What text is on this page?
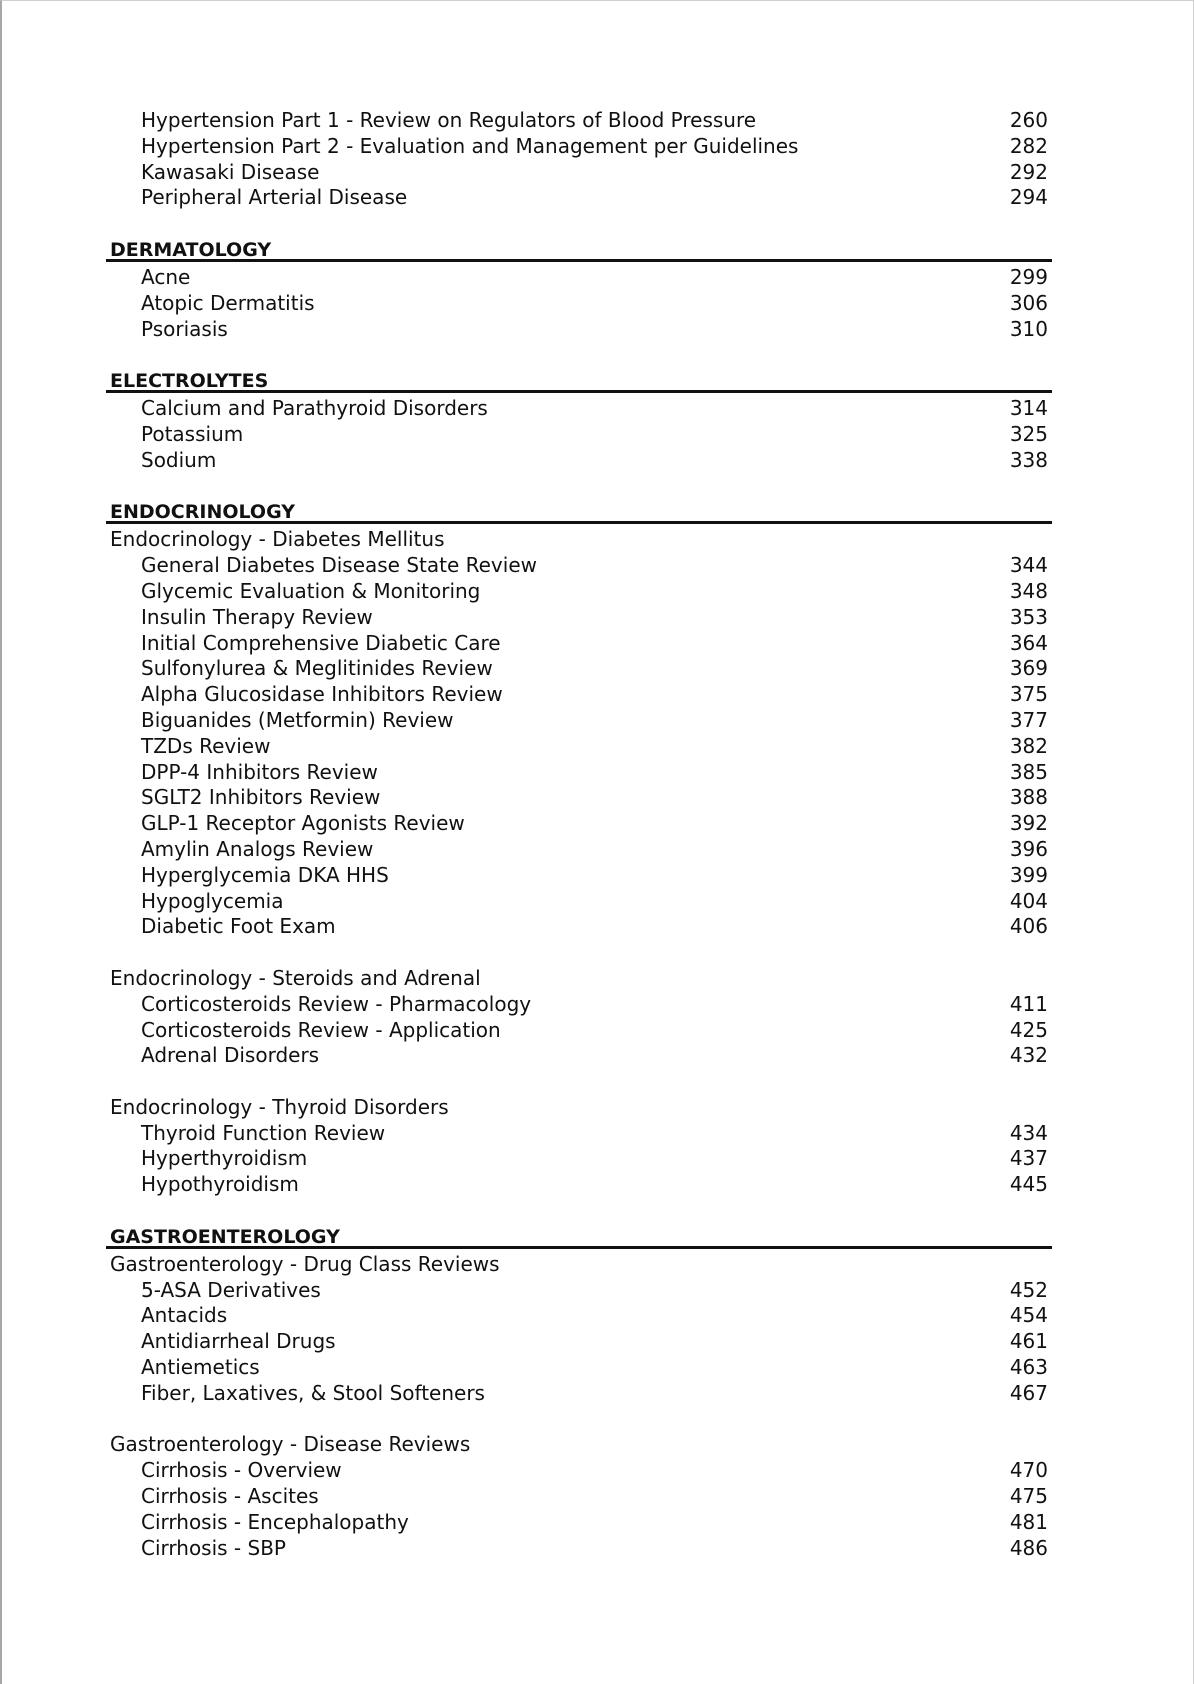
Hypertension Part 1 - Review on Regulators of Blood Pressure	260
Hypertension Part 2 - Evaluation and Management per Guidelines	282
Kawasaki Disease	292
Peripheral Arterial Disease	294
DERMATOLOGY
Acne	299
Atopic Dermatitis	306
Psoriasis	310
ELECTROLYTES
Calcium and Parathyroid Disorders	314
Potassium	325
Sodium	338
ENDOCRINOLOGY
Endocrinology - Diabetes Mellitus
General Diabetes Disease State Review	344
Glycemic Evaluation & Monitoring	348
Insulin Therapy Review	353
Initial Comprehensive Diabetic Care	364
Sulfonylurea & Meglitinides Review	369
Alpha Glucosidase Inhibitors Review	375
Biguanides (Metformin) Review	377
TZDs Review	382
DPP-4 Inhibitors Review	385
SGLT2 Inhibitors Review	388
GLP-1 Receptor Agonists Review	392
Amylin Analogs Review	396
Hyperglycemia DKA HHS	399
Hypoglycemia	404
Diabetic Foot Exam	406
Endocrinology - Steroids and Adrenal
Corticosteroids Review - Pharmacology	411
Corticosteroids Review - Application	425
Adrenal Disorders	432
Endocrinology - Thyroid Disorders
Thyroid Function Review	434
Hyperthyroidism	437
Hypothyroidism	445
GASTROENTEROLOGY
Gastroenterology - Drug Class Reviews
5-ASA Derivatives	452
Antacids	454
Antidiarrheal Drugs	461
Antiemetics	463
Fiber, Laxatives, & Stool Softeners	467
Gastroenterology - Disease Reviews
Cirrhosis - Overview	470
Cirrhosis - Ascites	475
Cirrhosis - Encephalopathy	481
Cirrhosis - SBP	486
